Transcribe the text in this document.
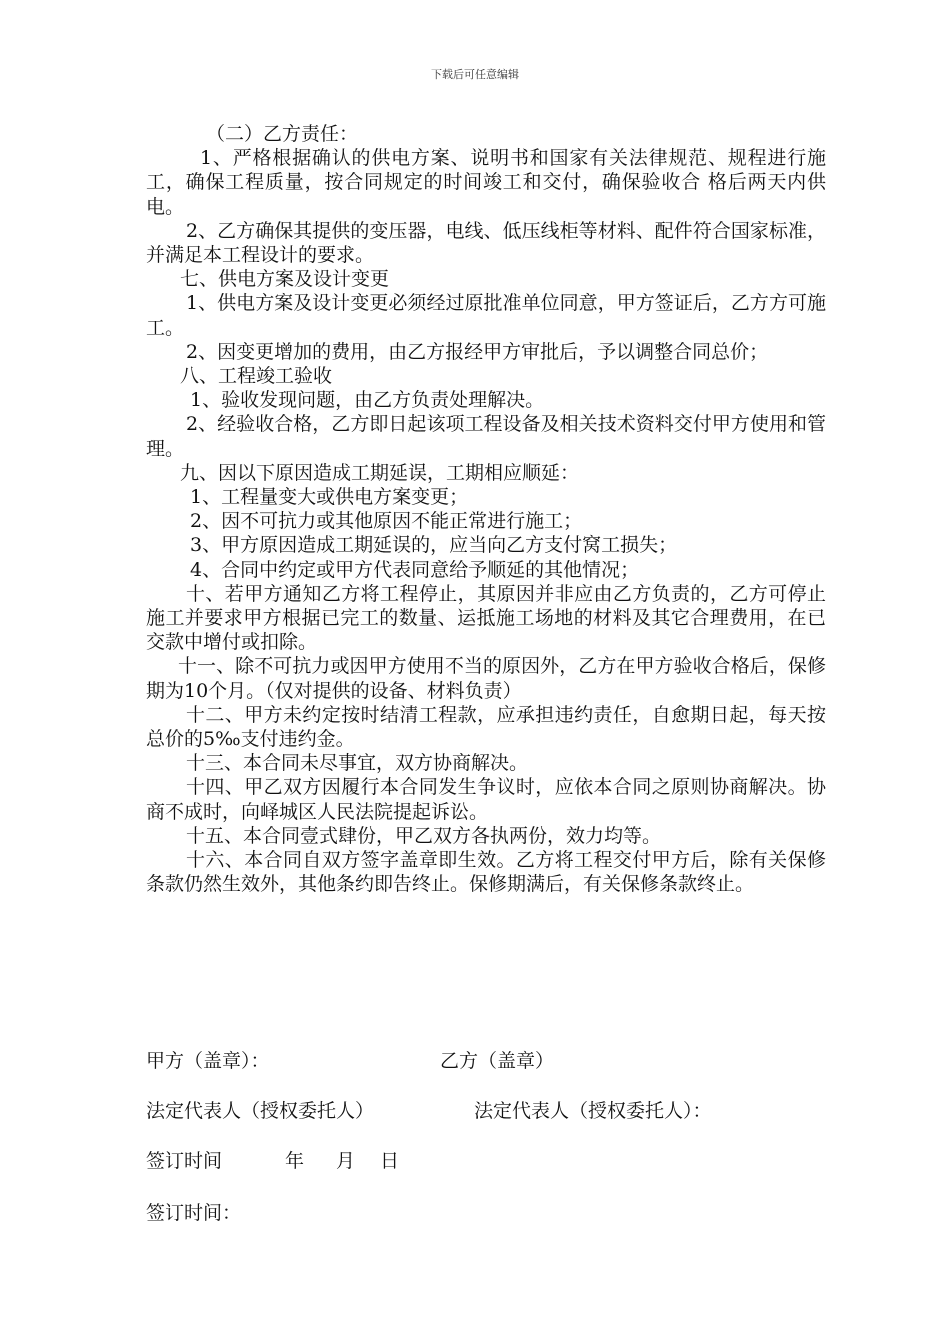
下载后可任意编辑

（二）乙方责任：

1、严格根据确认的供电方案、说明书和国家有关法律规范、规程进行施工，确保工程质量，按合同规定的时间竣工和交付，确保验收合 格后两天内供电。

2、乙方确保其提供的变压器，电线、低压线柜等材料、配件符合国家标准，并满足本工程设计的要求。

七、供电方案及设计变更

1、供电方案及设计变更必须经过原批准单位同意，甲方签证后，乙方方可施工。

2、因变更增加的费用，由乙方报经甲方审批后，予以调整合同总价；

八、工程竣工验收

1、验收发现问题，由乙方负责处理解决。

2、经验收合格，乙方即日起该项工程设备及相关技术资料交付甲方使用和管理。

九、因以下原因造成工期延误，工期相应顺延：

1、工程量变大或供电方案变更；

2、因不可抗力或其他原因不能正常进行施工；

3、甲方原因造成工期延误的，应当向乙方支付窝工损失；

4、合同中约定或甲方代表同意给予顺延的其他情况；

十、若甲方通知乙方将工程停止，其原因并非应由乙方负责的，乙方可停止施工并要求甲方根据已完工的数量、运抵施工场地的材料及其它合理费用，在已交款中增付或扣除。

十一、除不可抗力或因甲方使用不当的原因外，乙方在甲方验收合格后，保修期为10个月。（仅对提供的设备、材料负责）

十二、甲方未约定按时结清工程款，应承担违约责任，自愈期日起，每天按总价的5‰支付违约金。

十三、本合同未尽事宜，双方协商解决。

十四、甲乙双方因履行本合同发生争议时，应依本合同之原则协商解决。协商不成时，向峄城区人民法院提起诉讼。

十五、本合同壹式肆份，甲乙双方各执两份，效力均等。

十六、本合同自双方签字盖章即生效。乙方将工程交付甲方后，除有关保修条款仍然生效外，其他条约即告终止。保修期满后，有关保修条款终止。

甲方（盖章）：	乙方（盖章）
法定代表人（授权委托人）	法定代表人（授权委托人）：
签订时间	年 月 日
签订时间：
